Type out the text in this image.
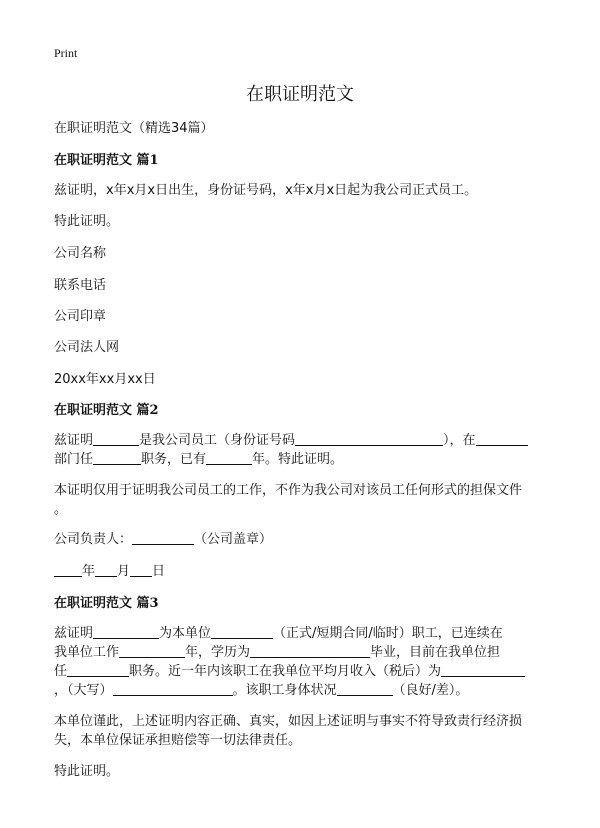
Print
在职证明范文
在职证明范文（精选34篇）
在职证明范文 篇1
兹证明，x年x月x日出生，身份证号码，x年x月x日起为我公司正式员工。
特此证明。
公司名称
联系电话
公司印章
公司法人网
20xx年xx月xx日
在职证明范文 篇2
兹证明	是我公司员工（身份证号码	），在
部门任	职务，已有	年。特此证明。
本证明仅用于证明我公司员工的工作，不作为我公司对该员工任何形式的担保文件
。
公司负责人：	（公司盖章）
年 月 日
在职证明范文 篇3
兹证明	为本单位	（正式/短期合同/临时）职工，已连续在
我单位工作	年，学历为	毕业，目前在我单位担
任	职务。近一年内该职工在我单位平均月收入（税后）为
，（大写）	。该职工身体状况	（良好/差）。
本单位谨此，上述证明内容正确、真实，如因上述证明与事实不符导致责行经济损
失，本单位保证承担赔偿等一切法律责任。
特此证明。
